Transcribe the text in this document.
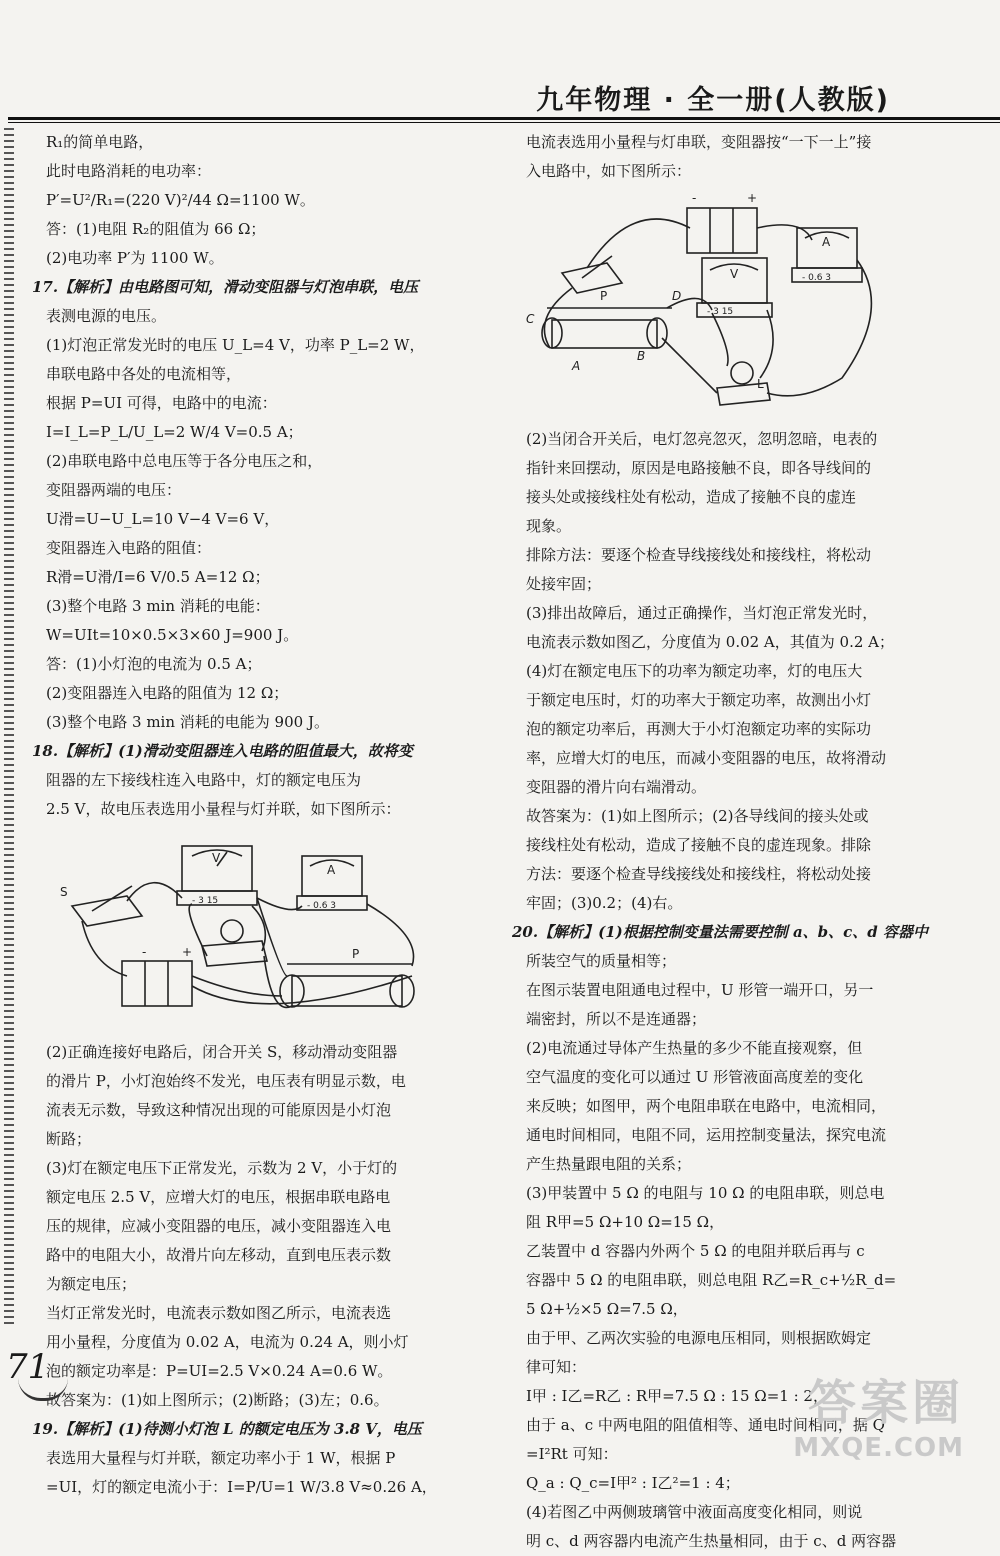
九年物理 · 全一册(人教版)

R₁的简单电路，

此时电路消耗的电功率：

P′=U²/R₁=(220 V)²/44 Ω=1100 W。

答：(1)电阻 R₂的阻值为 66 Ω；

(2)电功率 P′为 1100 W。

17.【解析】由电路图可知，滑动变阻器与灯泡串联，电压

表测电源的电压。

(1)灯泡正常发光时的电压 U_L=4 V，功率 P_L=2 W，

串联电路中各处的电流相等，

根据 P=UI 可得，电路中的电流：

I=I_L=P_L/U_L=2 W/4 V=0.5 A；

(2)串联电路中总电压等于各分电压之和，

变阻器两端的电压：

U滑=U−U_L=10 V−4 V=6 V，

变阻器连入电路的阻值：

R滑=U滑/I=6 V/0.5 A=12 Ω；

(3)整个电路 3 min 消耗的电能：

W=UIt=10×0.5×3×60 J=900 J。

答：(1)小灯泡的电流为 0.5 A；

(2)变阻器连入电路的阻值为 12 Ω；

(3)整个电路 3 min 消耗的电能为 900 J。

18.【解析】(1)滑动变阻器连入电路的阻值最大，故将变

阻器的左下接线柱连入电路中，灯的额定电压为

2.5 V，故电压表选用小量程与灯并联，如下图所示：

S
P
V
A
- 3 15	- 0.6 3
-	+

(2)正确连接好电路后，闭合开关 S，移动滑动变阻器

的滑片 P，小灯泡始终不发光，电压表有明显示数，电

流表无示数，导致这种情况出现的可能原因是小灯泡

断路；

(3)灯在额定电压下正常发光，示数为 2 V，小于灯的

额定电压 2.5 V，应增大灯的电压，根据串联电路电

压的规律，应减小变阻器的电压，减小变阻器连入电

路中的电阻大小，故滑片向左移动，直到电压表示数

为额定电压；

当灯正常发光时，电流表示数如图乙所示，电流表选

用小量程，分度值为 0.02 A，电流为 0.24 A，则小灯

泡的额定功率是：P=UI=2.5 V×0.24 A=0.6 W。

故答案为：(1)如上图所示；(2)断路；(3)左；0.6。

19.【解析】(1)待测小灯泡 L 的额定电压为 3.8 V，电压

表选用大量程与灯并联，额定功率小于 1 W，根据 P

=UI，灯的额定电流小于：I=P/U=1 W/3.8 V≈0.26 A，

电流表选用小量程与灯串联，变阻器按“一下一上”接

入电路中，如下图所示：

C
D
A
B
P
L
V
A
- 3 15
- 0.6 3
-	+

(2)当闭合开关后，电灯忽亮忽灭，忽明忽暗，电表的

指针来回摆动，原因是电路接触不良，即各导线间的

接头处或接线柱处有松动，造成了接触不良的虚连

现象。

排除方法：要逐个检查导线接线处和接线柱，将松动

处接牢固；

(3)排出故障后，通过正确操作，当灯泡正常发光时，

电流表示数如图乙，分度值为 0.02 A，其值为 0.2 A；

(4)灯在额定电压下的功率为额定功率，灯的电压大

于额定电压时，灯的功率大于额定功率，故测出小灯

泡的额定功率后，再测大于小灯泡额定功率的实际功

率，应增大灯的电压，而减小变阻器的电压，故将滑动

变阻器的滑片向右端滑动。

故答案为：(1)如上图所示；(2)各导线间的接头处或

接线柱处有松动，造成了接触不良的虚连现象。排除

方法：要逐个检查导线接线处和接线柱，将松动处接

牢固；(3)0.2；(4)右。

20.【解析】(1)根据控制变量法需要控制 a、b、c、d 容器中

所装空气的质量相等；

在图示装置电阻通电过程中，U 形管一端开口，另一

端密封，所以不是连通器；

(2)电流通过导体产生热量的多少不能直接观察，但

空气温度的变化可以通过 U 形管液面高度差的变化

来反映；如图甲，两个电阻串联在电路中，电流相同，

通电时间相同，电阻不同，运用控制变量法，探究电流

产生热量跟电阻的关系；

(3)甲装置中 5 Ω 的电阻与 10 Ω 的电阻串联，则总电

阻 R甲=5 Ω+10 Ω=15 Ω，

乙装置中 d 容器内外两个 5 Ω 的电阻并联后再与 c

容器中 5 Ω 的电阻串联，则总电阻 R乙=R_c+½R_d=

5 Ω+½×5 Ω=7.5 Ω，

由于甲、乙两次实验的电源电压相同，则根据欧姆定

律可知：

I甲 : I乙=R乙 : R甲=7.5 Ω : 15 Ω=1 : 2，

由于 a、c 中两电阻的阻值相等、通电时间相同，据 Q

=I²Rt 可知：

Q_a : Q_c=I甲² : I乙²=1 : 4；

(4)若图乙中两侧玻璃管中液面高度变化相同，则说

明 c、d 两容器内电流产生热量相同，由于 c、d 两容器

71
答案圈
MXQE.COM
